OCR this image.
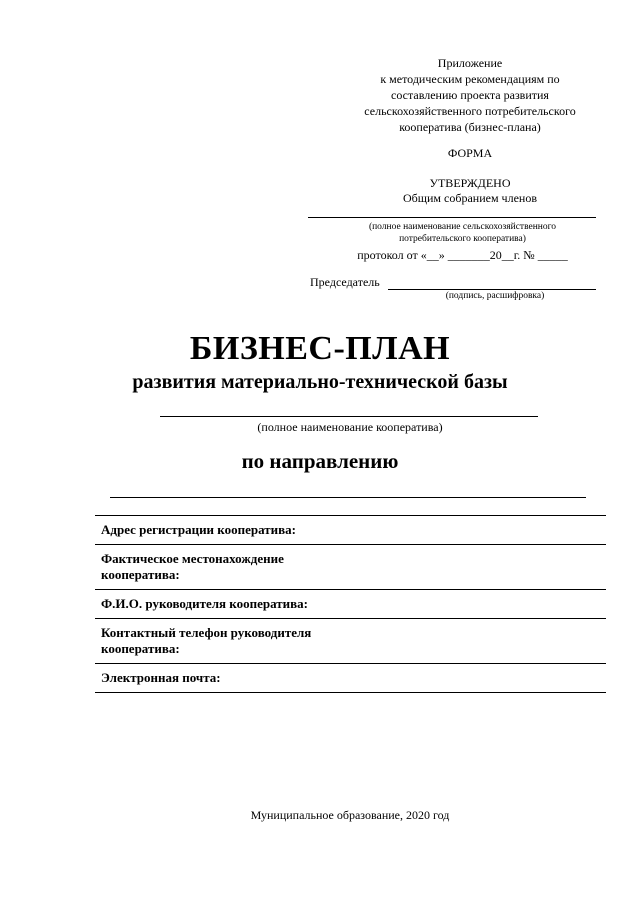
Приложение
к методическим рекомендациям по
составлению проекта развития
сельскохозяйственного потребительского
кооператива (бизнес-плана)
ФОРМА
УТВЕРЖДЕНО
Общим собранием членов
(полное наименование сельскохозяйственного
потребительского кооператива)
протокол от «__» _______20__г. № _____
Председатель
(подпись, расшифровка)
БИЗНЕС-ПЛАН
развития материально-технической базы
(полное наименование кооператива)
по направлению
Адрес регистрации кооператива:
Фактическое местонахождение
кооператива:
Ф.И.О. руководителя кооператива:
Контактный телефон руководителя
кооператива:
Электронная почта:
Муниципальное образование, 2020 год
